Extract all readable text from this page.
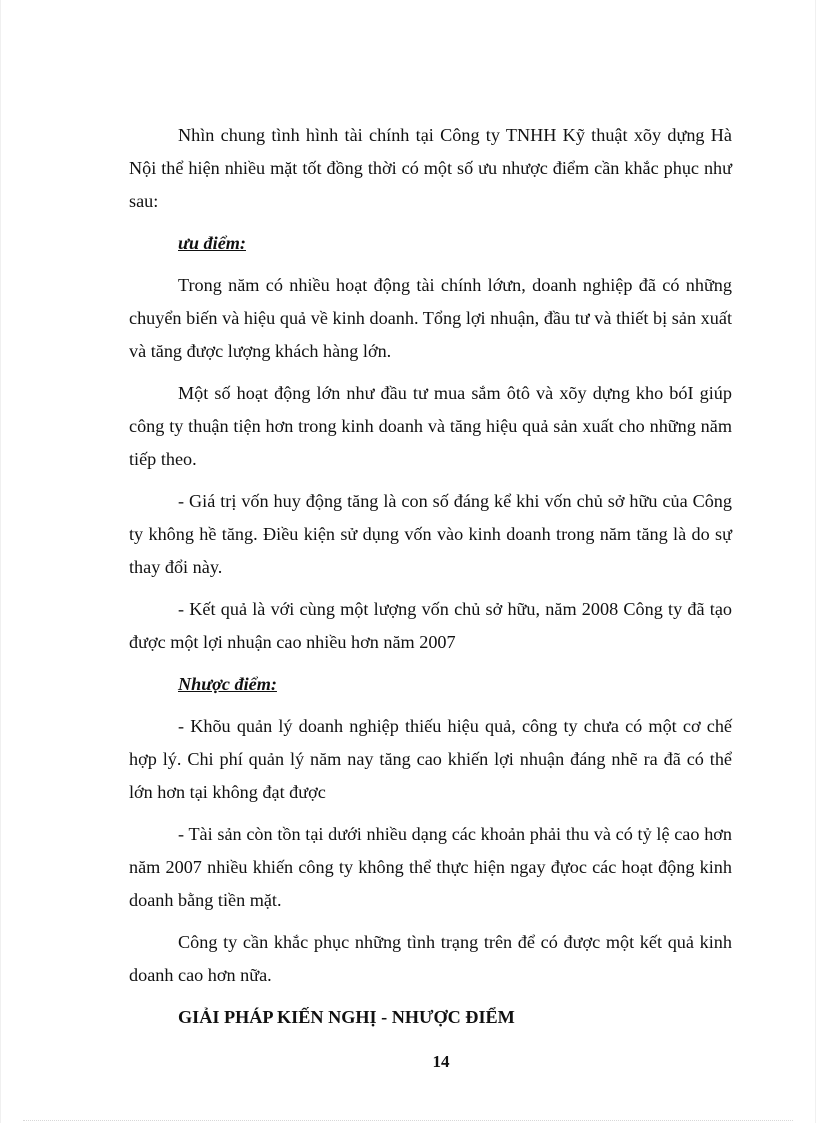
Nhìn chung tình hình tài chính tại Công ty TNHH Kỹ thuật xõy dựng Hà Nội thể hiện nhiều mặt tốt đồng thời có một số ưu nhược điểm cần khắc phục như sau:

ưu điểm:

Trong năm có nhiều hoạt động tài chính lớưn, doanh nghiệp đã có những chuyển biến và hiệu quả về kinh doanh. Tổng lợi nhuận, đầu tư và thiết bị sản xuất và tăng được lượng khách hàng lớn.

Một số hoạt động lớn như đầu tư mua sắm ôtô và xõy dựng kho bóI giúp công ty thuận tiện hơn trong kinh doanh và tăng hiệu quả sản xuất cho những năm tiếp theo.

- Giá trị vốn huy động tăng là con số đáng kể khi vốn chủ sở hữu của Công ty không hề tăng. Điều kiện sử dụng vốn vào kinh doanh trong năm tăng là do sự thay đổi này.

- Kết quả là với cùng một lượng vốn chủ sở hữu, năm 2008 Công ty đã tạo được một lợi nhuận cao nhiều hơn năm 2007

Nhược điểm:

- Khõu quản lý doanh nghiệp thiếu hiệu quả, công ty chưa có một cơ chế hợp lý. Chi phí quản lý năm nay tăng cao khiến lợi nhuận đáng nhẽ ra đã có thể lớn hơn tại không đạt được

- Tài sản còn tồn tại dưới nhiều dạng các khoản phải thu và có tỷ lệ cao hơn năm 2007 nhiều khiến công ty không thể thực hiện ngay đựoc các hoạt động kinh doanh bằng tiền mặt.

Công ty cần khắc phục những tình trạng trên để có được một kết quả kinh doanh cao hơn nữa.

GIẢI PHÁP KIẾN NGHỊ - NHƯỢC ĐIỂM

14
